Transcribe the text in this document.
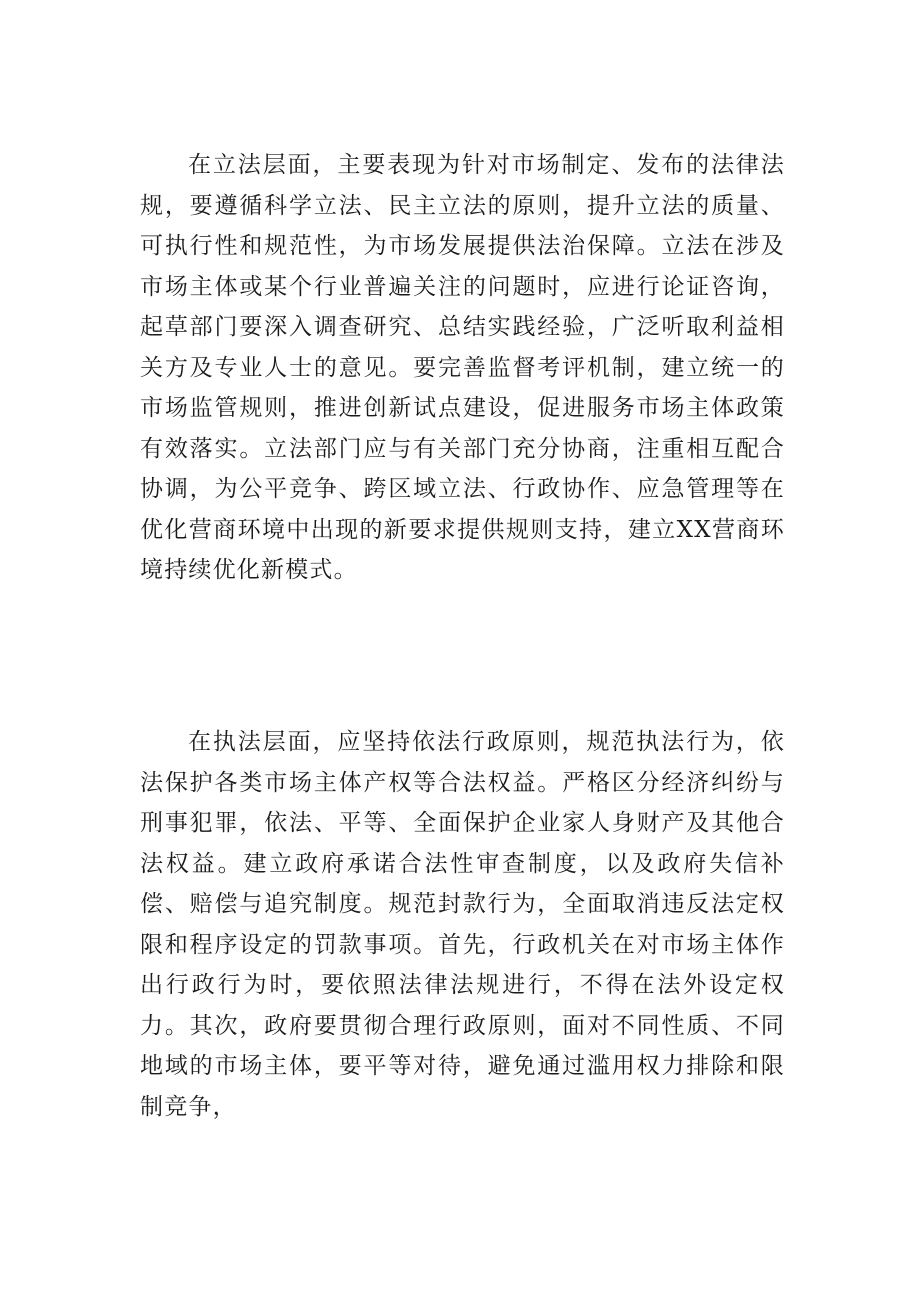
在立法层面，主要表现为针对市场制定、发布的法律法规，要遵循科学立法、民主立法的原则，提升立法的质量、可执行性和规范性，为市场发展提供法治保障。立法在涉及市场主体或某个行业普遍关注的问题时，应进行论证咨询，起草部门要深入调查研究、总结实践经验，广泛听取利益相关方及专业人士的意见。要完善监督考评机制，建立统一的市场监管规则，推进创新试点建设，促进服务市场主体政策有效落实。立法部门应与有关部门充分协商，注重相互配合协调，为公平竞争、跨区域立法、行政协作、应急管理等在优化营商环境中出现的新要求提供规则支持，建立XX营商环境持续优化新模式。

在执法层面，应坚持依法行政原则，规范执法行为，依法保护各类市场主体产权等合法权益。严格区分经济纠纷与刑事犯罪，依法、平等、全面保护企业家人身财产及其他合法权益。建立政府承诺合法性审查制度，以及政府失信补偿、赔偿与追究制度。规范封款行为，全面取消违反法定权限和程序设定的罚款事项。首先，行政机关在对市场主体作出行政行为时，要依照法律法规进行，不得在法外设定权力。其次，政府要贯彻合理行政原则，面对不同性质、不同地域的市场主体，要平等对待，避免通过滥用权力排除和限制竞争，
